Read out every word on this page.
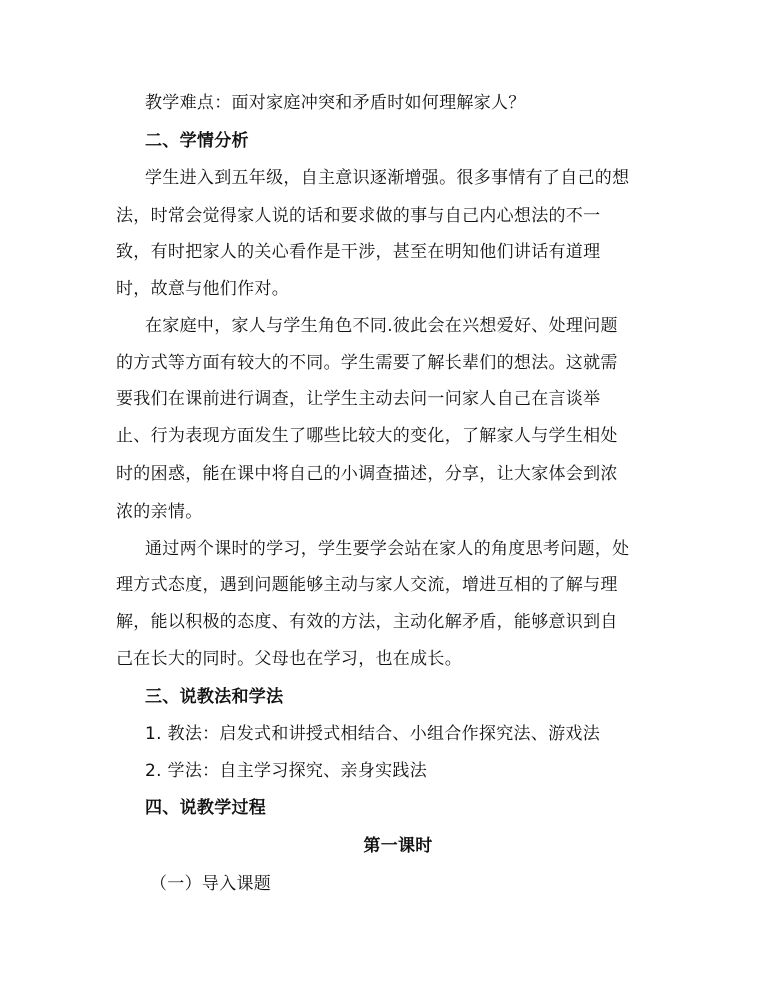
教学难点：面对家庭冲突和矛盾时如何理解家人？
二、学情分析
学生进入到五年级，自主意识逐渐增强。很多事情有了自己的想
法，时常会觉得家人说的话和要求做的事与自己内心想法的不一
致，有时把家人的关心看作是干涉，甚至在明知他们讲话有道理
时，故意与他们作对。
在家庭中，家人与学生角色不同.彼此会在兴想爱好、处理问题
的方式等方面有较大的不同。学生需要了解长辈们的想法。这就需
要我们在课前进行调查，让学生主动去问一问家人自己在言谈举
止、行为表现方面发生了哪些比较大的变化，了解家人与学生相处
时的困惑，能在课中将自己的小调查描述，分享，让大家体会到浓
浓的亲情。
通过两个课时的学习，学生要学会站在家人的角度思考问题，处
理方式态度，遇到问题能够主动与家人交流，增进互相的了解与理
解，能以积极的态度、有效的方法，主动化解矛盾，能够意识到自
己在长大的同时。父母也在学习，也在成长。
三、说教法和学法
1. 教法：启发式和讲授式相结合、小组合作探究法、游戏法
2. 学法：自主学习探究、亲身实践法
四、说教学过程
第一课时
（一）导入课题
